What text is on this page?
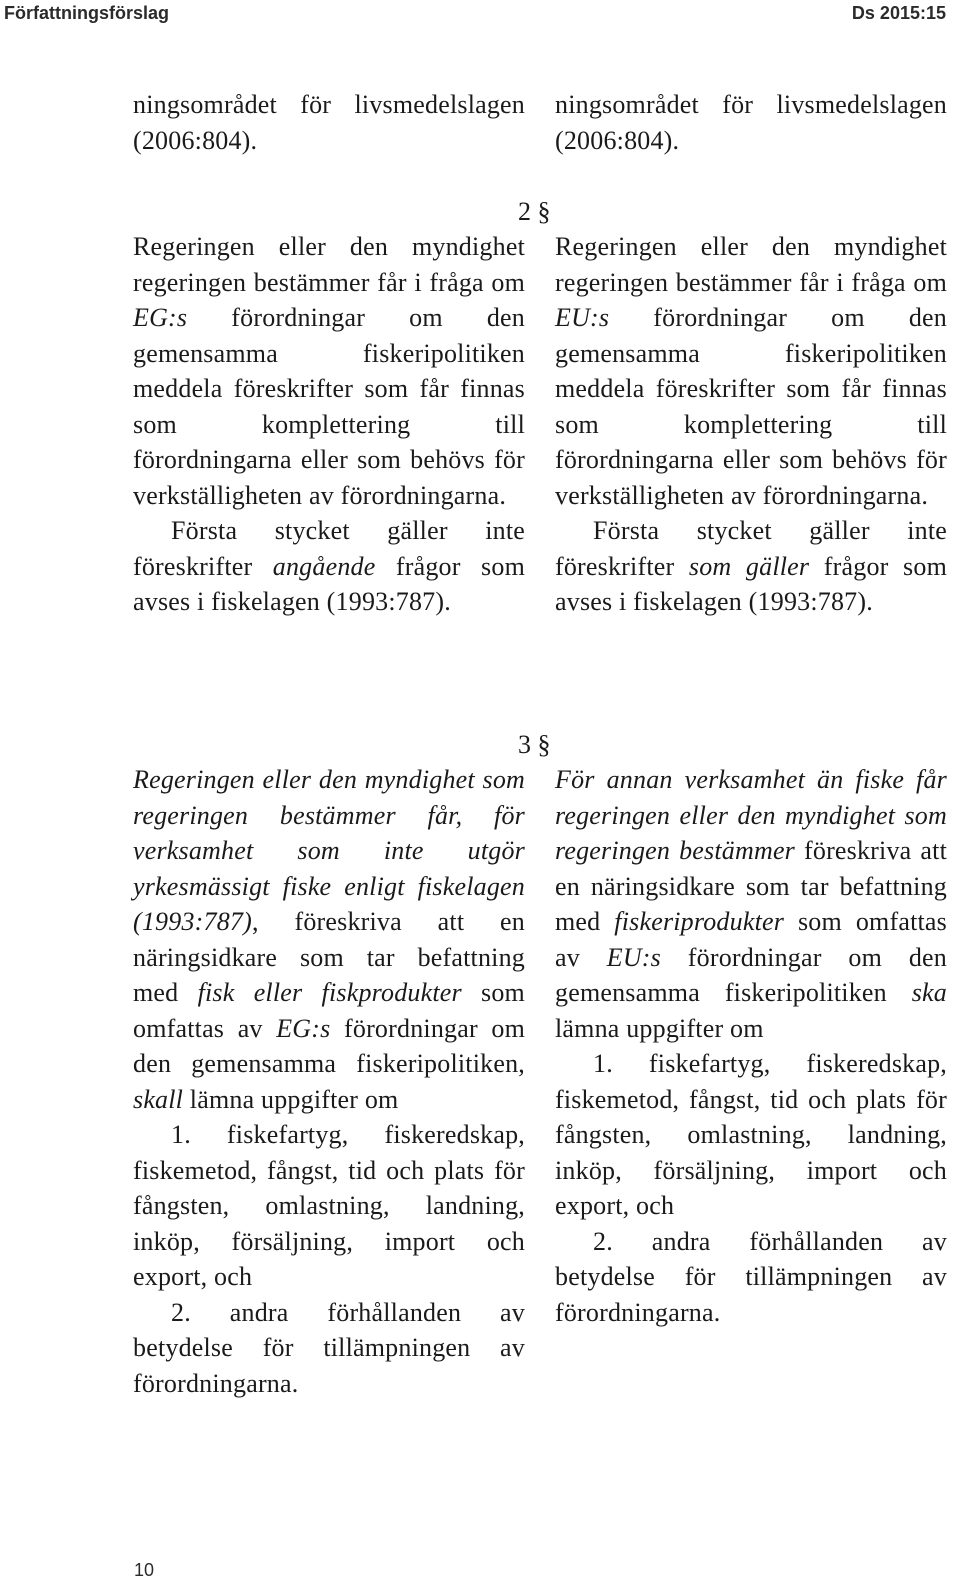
Författningsförslag	Ds 2015:15

ningsområdet för livsmedelslagen (2006:804).

ningsområdet för livsmedelslagen (2006:804).

2 §

Regeringen eller den myndighet regeringen bestämmer får i fråga om EG:s förordningar om den gemensamma fiskeripolitiken meddela föreskrifter som får finnas som komplettering till förordningarna eller som behövs för verkställigheten av förordningarna.

Första stycket gäller inte föreskrifter angående frågor som avses i fiskelagen (1993:787).

Regeringen eller den myndighet regeringen bestämmer får i fråga om EU:s förordningar om den gemensamma fiskeripolitiken meddela föreskrifter som får finnas som komplettering till förordningarna eller som behövs för verkställigheten av förordningarna.

Första stycket gäller inte föreskrifter som gäller frågor som avses i fiskelagen (1993:787).

3 §

Regeringen eller den myndighet som regeringen bestämmer får, för verksamhet som inte utgör yrkesmässigt fiske enligt fiskelagen (1993:787), föreskriva att en näringsidkare som tar befattning med fisk eller fiskprodukter som omfattas av EG:s förordningar om den gemensamma fiskeripolitiken, skall lämna uppgifter om

1. fiskefartyg, fiskeredskap, fiskemetod, fångst, tid och plats för fångsten, omlastning, landning, inköp, försäljning, import och export, och

2. andra förhållanden av betydelse för tillämpningen av förordningarna.

För annan verksamhet än fiske får regeringen eller den myndighet som regeringen bestämmer föreskriva att en näringsidkare som tar befattning med fiskeriprodukter som omfattas av EU:s förordningar om den gemensamma fiskeripolitiken ska lämna uppgifter om

1. fiskefartyg, fiskeredskap, fiskemetod, fångst, tid och plats för fångsten, omlastning, landning, inköp, försäljning, import och export, och

2. andra förhållanden av betydelse för tillämpningen av förordningarna.

10
